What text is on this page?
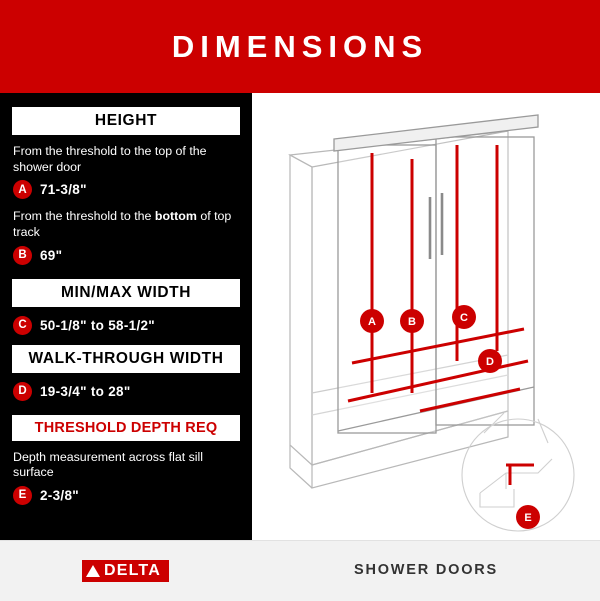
DIMENSIONS
HEIGHT

From the threshold to the top of the shower door

A 71-3/8"

From the threshold to the bottom of top track

B 69"
MIN/MAX WIDTH
C 50-1/8" to 58-1/2"
WALK-THROUGH WIDTH
D 19-3/4" to 28"
THRESHOLD DEPTH REQ

Depth measurement across flat sill surface

E	2-3/8"
A	B	C
D
E
DELTA	SHOWER DOORS
